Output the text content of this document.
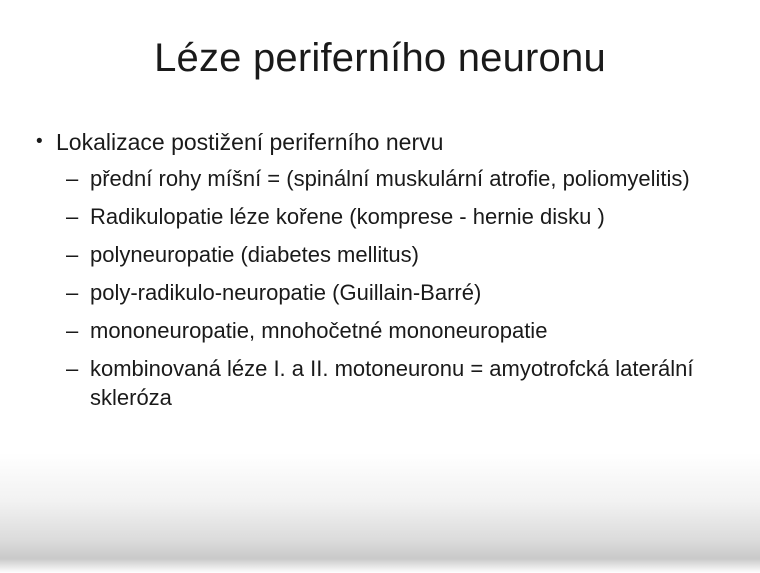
Léze periferního neuronu
• Lokalizace postižení periferního nervu
– přední rohy míšní = (spinální muskulární atrofie, poliomyelitis)
– Radikulopatie léze kořene (komprese - hernie disku )
– polyneuropatie (diabetes mellitus)
– poly-radikulo-neuropatie (Guillain-Barré)
– mononeuropatie, mnohočetné mononeuropatie
– kombinovaná léze I. a II. motoneuronu = amyotrofcká laterální skleróza
